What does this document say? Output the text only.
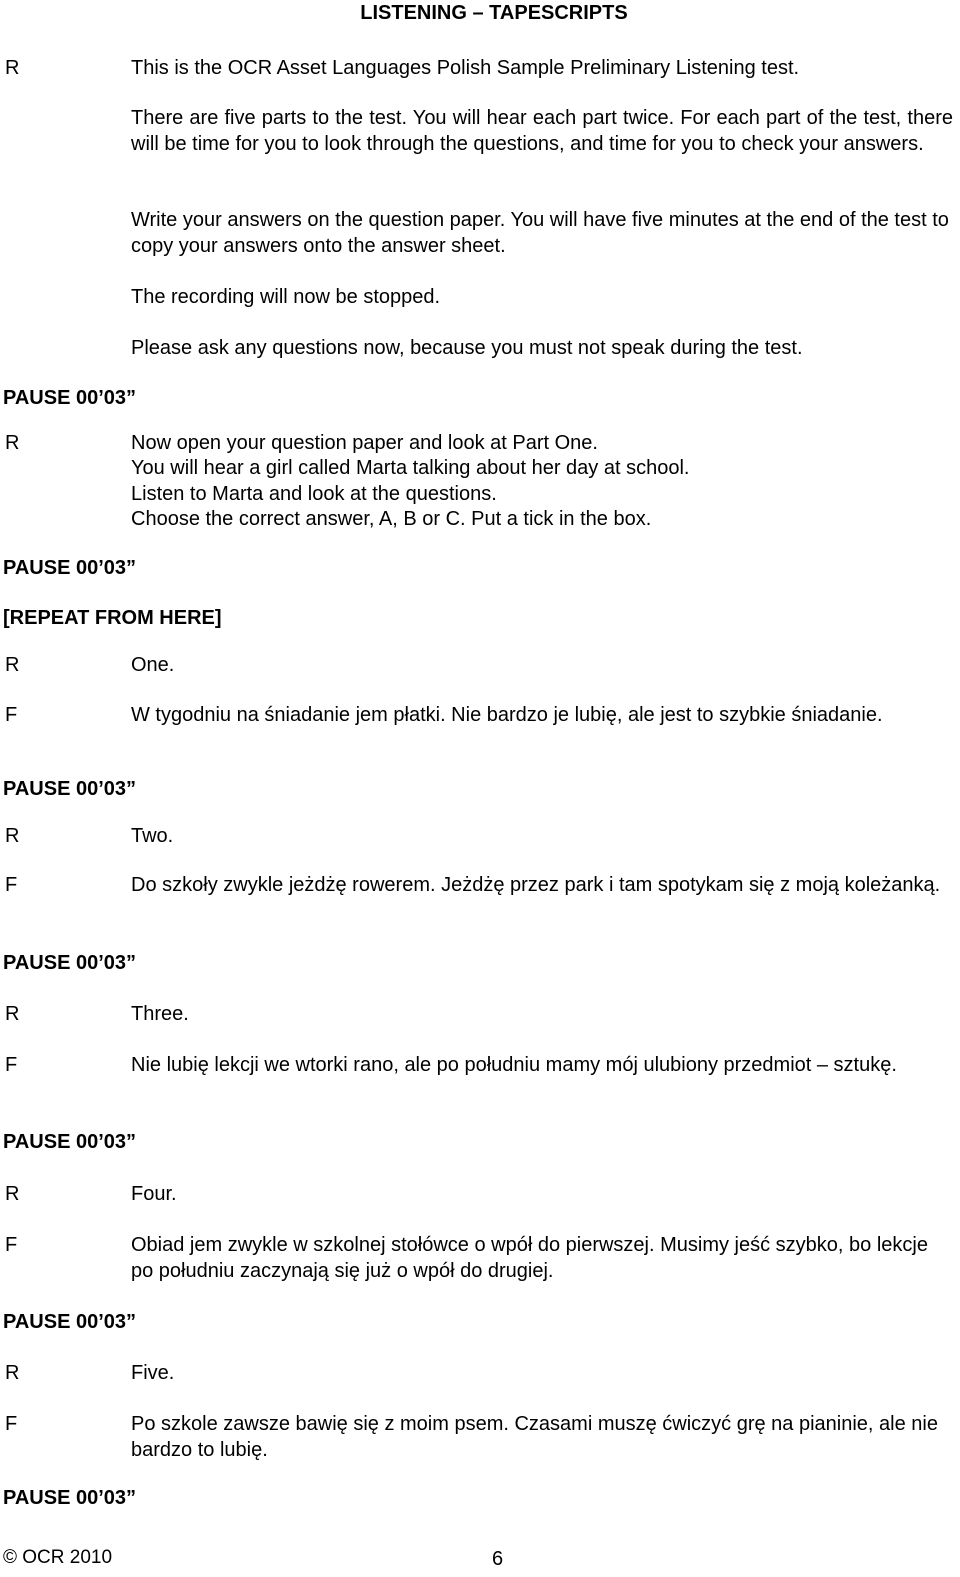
LISTENING – TAPESCRIPTS
R	This is the OCR Asset Languages Polish Sample Preliminary Listening test.
There are five parts to the test. You will hear each part twice. For each part of the test, there will be time for you to look through the questions, and time for you to check your answers.
Write your answers on the question paper. You will have five minutes at the end of the test to copy your answers onto the answer sheet.
The recording will now be stopped.
Please ask any questions now, because you must not speak during the test.
PAUSE 00’03”
R	Now open your question paper and look at Part One.
You will hear a girl called Marta talking about her day at school.
Listen to Marta and look at the questions.
Choose the correct answer, A, B or C. Put a tick in the box.
PAUSE 00’03”
[REPEAT FROM HERE]
R	One.
F	W tygodniu na śniadanie jem płatki. Nie bardzo je lubię, ale jest to szybkie śniadanie.
PAUSE 00’03”
R	Two.
F	Do szkoły zwykle jeżdżę rowerem. Jeżdżę przez park i tam spotykam się z moją koleżanką.
PAUSE 00’03”
R	Three.
F	Nie lubię lekcji we wtorki rano, ale po południu mamy mój ulubiony przedmiot – sztukę.
PAUSE 00’03”
R	Four.
F	Obiad jem zwykle w szkolnej stołówce o wpół do pierwszej. Musimy jeść szybko, bo lekcje po południu zaczynają się już o wpół do drugiej.
PAUSE 00’03”
R	Five.
F	Po szkole zawsze bawię się z moim psem. Czasami muszę ćwiczyć grę na pianinie, ale nie bardzo to lubię.
PAUSE 00’03”
© OCR 2010	6
